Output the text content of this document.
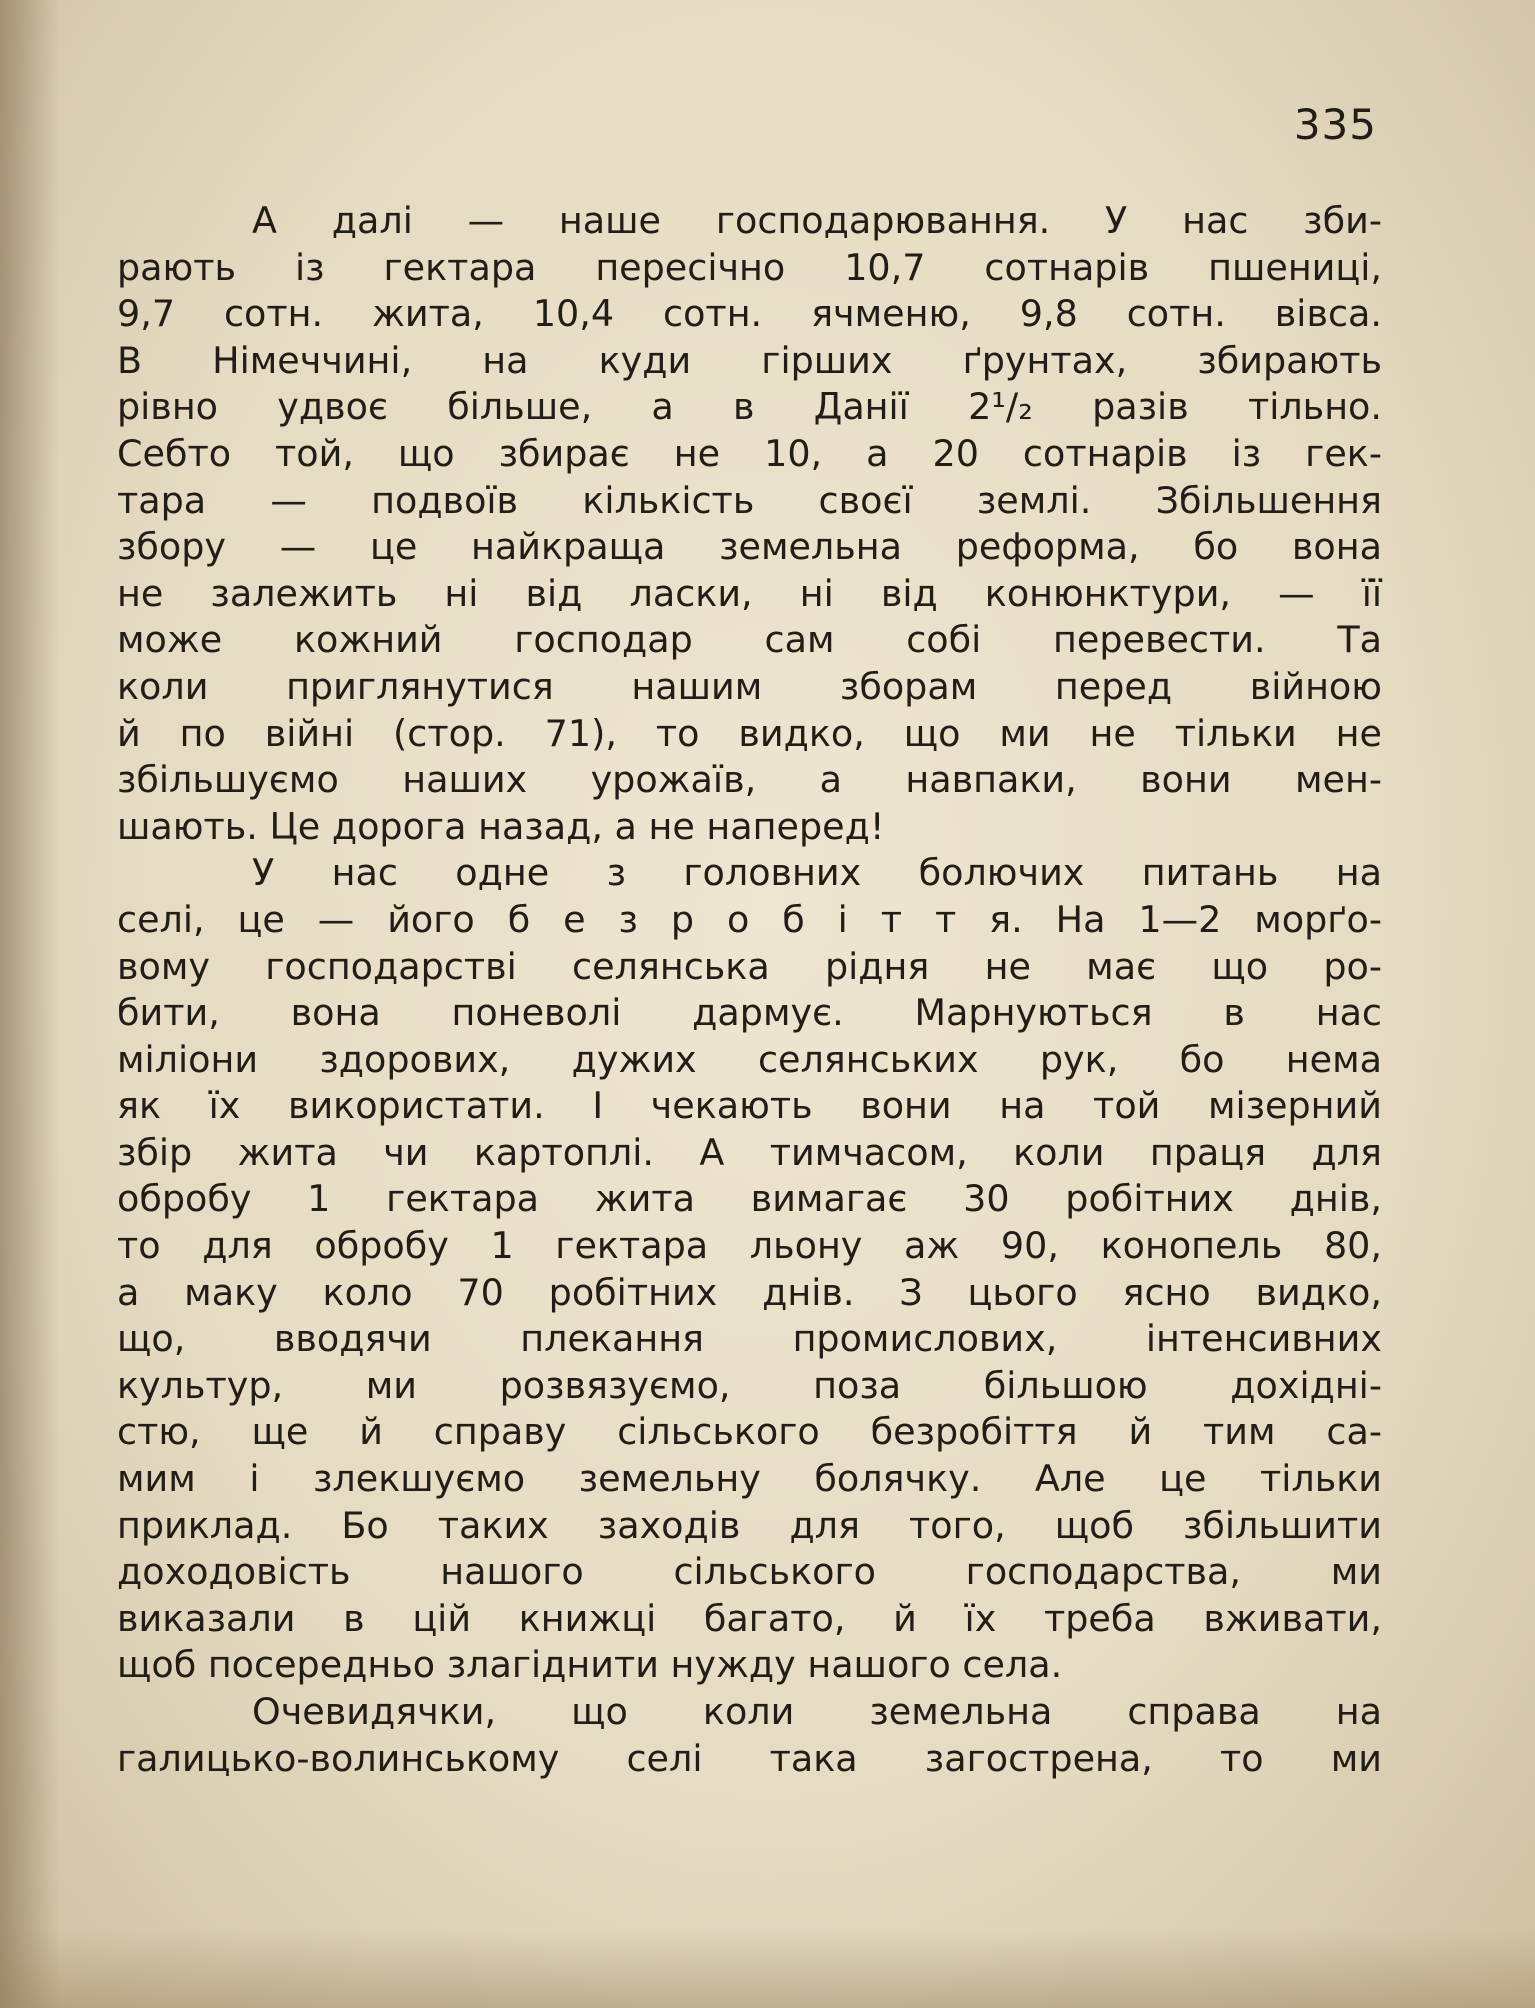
335
А далі — наше господарювання. У нас зби-
рають із гектара пересічно 10,7 сотнарів пшениці,
9,7 сотн. жита, 10,4 сотн. ячменю, 9,8 сотн. вівса.
В Німеччині, на куди гірших ґрунтах, збирають
рівно удвоє більше, а в Данії 2¹/₂ разів тільно.
Себто той, що збирає не 10, а 20 сотнарів із гек-
тара — подвоїв кількість своєї землі. Збільшення
збору — це найкраща земельна реформа, бо вона
не залежить ні від ласки, ні від конюнктури, — її
може кожний господар сам собі перевести. Та
коли приглянутися нашим зборам перед війною
й по війні (стор. 71), то видко, що ми не тільки не
збільшуємо наших урожаїв, а навпаки, вони мен-
шають. Це дорога назад, а не наперед!
У нас одне з головних болючих питань на
селі, це — його б е з р о б і т т я. На 1—2 морґо-
вому господарстві селянська рідня не має що ро-
бити, вона поневолі дармує. Марнуються в нас
міліони здорових, дужих селянських рук, бо нема
як їх використати. І чекають вони на той мізерний
збір жита чи картоплі. А тимчасом, коли праця для
обробу 1 гектара жита вимагає 30 робітних днів,
то для обробу 1 гектара льону аж 90, конопель 80,
а маку коло 70 робітних днів. З цього ясно видко,
що, вводячи плекання промислових, інтенсивних
культур, ми розвязуємо, поза більшою дохідні-
стю, ще й справу сільського безробіття й тим са-
мим і злекшуємо земельну болячку. Але це тільки
приклад. Бо таких заходів для того, щоб збільшити
доходовість нашого сільського господарства, ми
виказали в цій книжці багато, й їх треба вживати,
щоб посередньо злагіднити нужду нашого села.
Очевидячки, що коли земельна справа на
галицько-волинському селі така загострена, то ми
